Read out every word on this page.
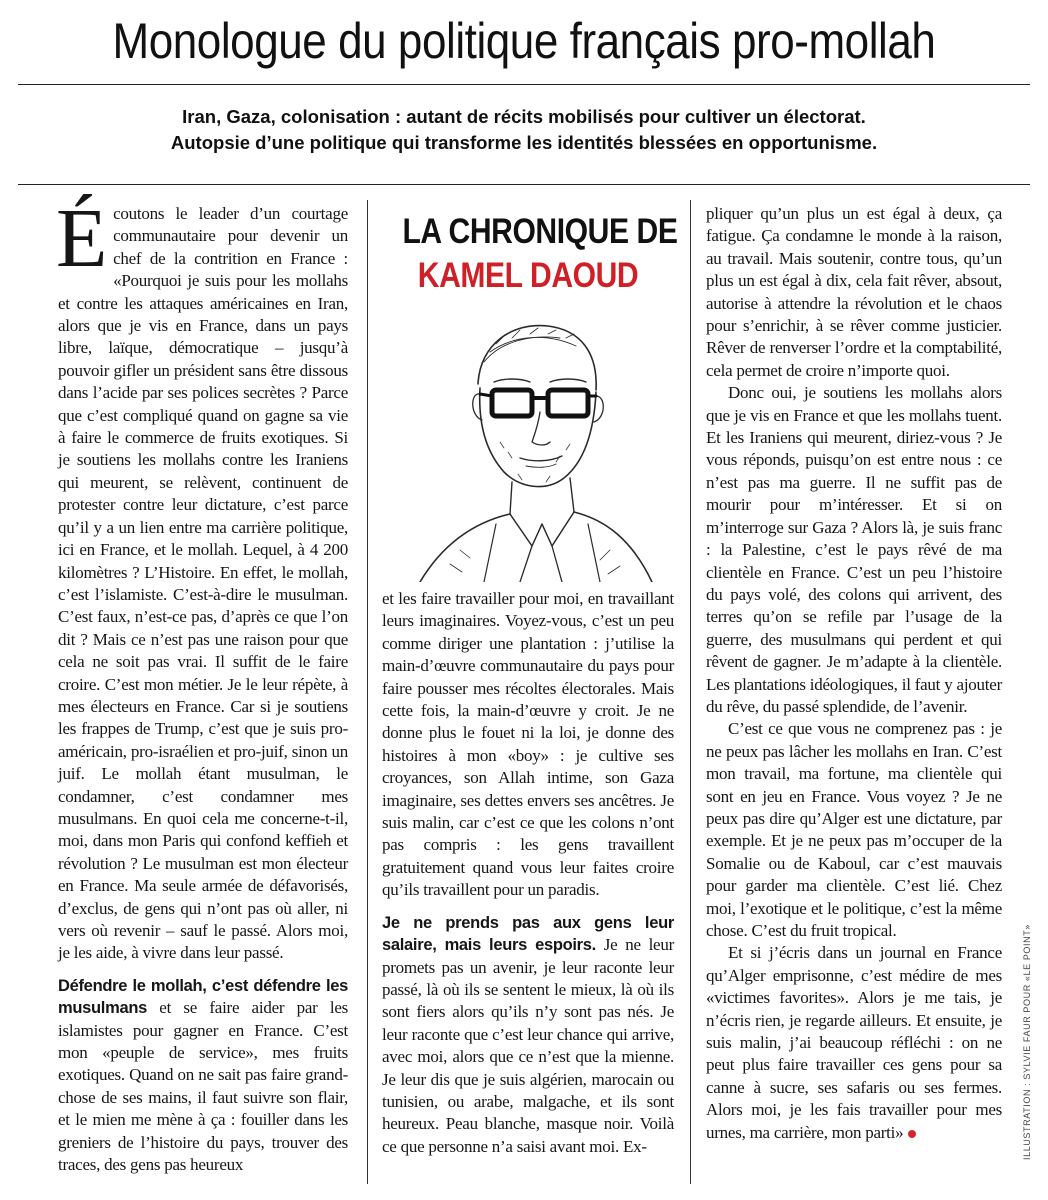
Monologue du politique français pro-mollah
Iran, Gaza, colonisation : autant de récits mobilisés pour cultiver un électorat.
Autopsie d’une politique qui transforme les identités blessées en opportunisme.

Écoutons le leader d’un courtage communautaire pour devenir un chef de la contrition en France : «Pourquoi je suis pour les mollahs et contre les attaques américaines en Iran, alors que je vis en France, dans un pays libre, laïque, démocratique – jusqu’à pouvoir gifler un président sans être dissous dans l’acide par ses polices secrètes ? Parce que c’est compliqué quand on gagne sa vie à faire le commerce de fruits exotiques. Si je soutiens les mollahs contre les Iraniens qui meurent, se relèvent, continuent de protester contre leur dictature, c’est parce qu’il y a un lien entre ma carrière politique, ici en France, et le mollah. Lequel, à 4 200 kilomètres ? L’Histoire. En effet, le mollah, c’est l’islamiste. C’est-à-dire le musulman. C’est faux, n’est-ce pas, d’après ce que l’on dit ? Mais ce n’est pas une raison pour que cela ne soit pas vrai. Il suffit de le faire croire. C’est mon métier. Je le leur répète, à mes électeurs en France. Car si je soutiens les frappes de Trump, c’est que je suis pro-américain, pro-israélien et pro-juif, sinon un juif. Le mollah étant musulman, le condamner, c’est condamner mes musulmans. En quoi cela me concerne-t-il, moi, dans mon Paris qui confond keffieh et révolution ? Le musulman est mon électeur en France. Ma seule armée de défavorisés, d’exclus, de gens qui n’ont pas où aller, ni vers où revenir – sauf le passé. Alors moi, je les aide, à vivre dans leur passé.

Défendre le mollah, c’est défendre les musulmans et se faire aider par les islamistes pour gagner en France. C’est mon «peuple de service», mes fruits exotiques. Quand on ne sait pas faire grand-chose de ses mains, il faut suivre son flair, et le mien me mène à ça : fouiller dans les greniers de l’histoire du pays, trouver des traces, des gens pas heureux

LA CHRONIQUE DE
KAMEL DAOUD

et les faire travailler pour moi, en travaillant leurs imaginaires. Voyez-vous, c’est un peu comme diriger une plantation : j’utilise la main-d’œuvre communautaire du pays pour faire pousser mes récoltes électorales. Mais cette fois, la main-d’œuvre y croit. Je ne donne plus le fouet ni la loi, je donne des histoires à mon «boy» : je cultive ses croyances, son Allah intime, son Gaza imaginaire, ses dettes envers ses ancêtres. Je suis malin, car c’est ce que les colons n’ont pas compris : les gens travaillent gratuitement quand vous leur faites croire qu’ils travaillent pour un paradis.

Je ne prends pas aux gens leur salaire, mais leurs espoirs. Je ne leur promets pas un avenir, je leur raconte leur passé, là où ils se sentent le mieux, là où ils sont fiers alors qu’ils n’y sont pas nés. Je leur raconte que c’est leur chance qui arrive, avec moi, alors que ce n’est que la mienne. Je leur dis que je suis algérien, marocain ou tunisien, ou arabe, malgache, et ils sont heureux. Peau blanche, masque noir. Voilà ce que personne n’a saisi avant moi. Ex-

pliquer qu’un plus un est égal à deux, ça fatigue. Ça condamne le monde à la raison, au travail. Mais soutenir, contre tous, qu’un plus un est égal à dix, cela fait rêver, absout, autorise à attendre la révolution et le chaos pour s’enrichir, à se rêver comme justicier. Rêver de renverser l’ordre et la comptabilité, cela permet de croire n’importe quoi.

Donc oui, je soutiens les mollahs alors que je vis en France et que les mollahs tuent. Et les Iraniens qui meurent, diriez-vous ? Je vous réponds, puisqu’on est entre nous : ce n’est pas ma guerre. Il ne suffit pas de mourir pour m’intéresser. Et si on m’interroge sur Gaza ? Alors là, je suis franc : la Palestine, c’est le pays rêvé de ma clientèle en France. C’est un peu l’histoire du pays volé, des colons qui arrivent, des terres qu’on se refile par l’usage de la guerre, des musulmans qui perdent et qui rêvent de gagner. Je m’adapte à la clientèle. Les plantations idéologiques, il faut y ajouter du rêve, du passé splendide, de l’avenir.

C’est ce que vous ne comprenez pas : je ne peux pas lâcher les mollahs en Iran. C’est mon travail, ma fortune, ma clientèle qui sont en jeu en France. Vous voyez ? Je ne peux pas dire qu’Alger est une dictature, par exemple. Et je ne peux pas m’occuper de la Somalie ou de Kaboul, car c’est mauvais pour garder ma clientèle. C’est lié. Chez moi, l’exotique et le politique, c’est la même chose. C’est du fruit tropical.

Et si j’écris dans un journal en France qu’Alger emprisonne, c’est médire de mes «victimes favorites». Alors je me tais, je n’écris rien, je regarde ailleurs. Et ensuite, je suis malin, j’ai beaucoup réfléchi : on ne peut plus faire travailler ces gens pour sa canne à sucre, ses safaris ou ses fermes. Alors moi, je les fais travailler pour mes urnes, ma carrière, mon parti»	ILLUSTRATION : SYLVIE FAUR POUR «LE POINT»
